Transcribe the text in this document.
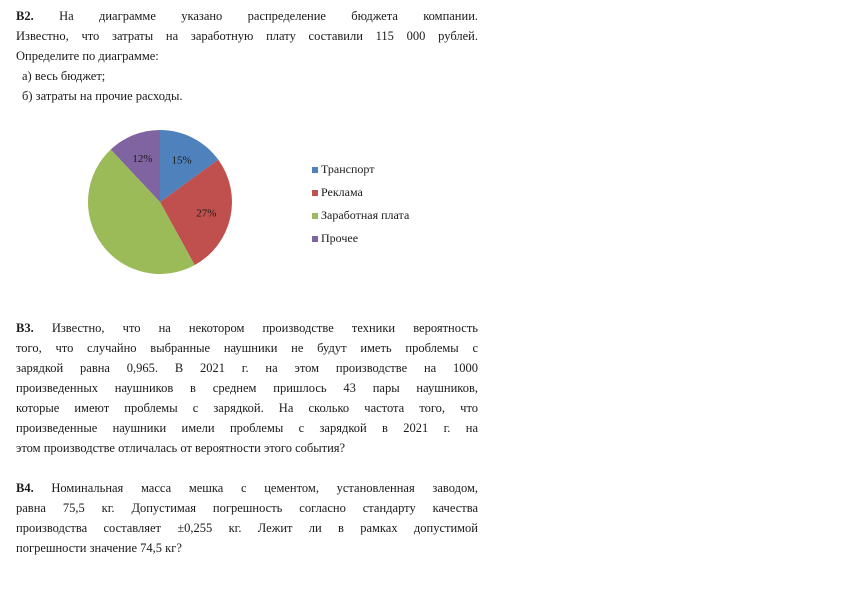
В2. На диаграмме указано распределение бюджета компании.
Известно, что затраты на заработную плату составили 115 000 рублей.
Определите по диаграмме:
а) весь бюджет;
б) затраты на прочие расходы.
15%
27%
12%
Транспорт
Реклама
Заработная плата
Прочее
В3. Известно, что на некотором производстве техники вероятность
того, что случайно выбранные наушники не будут иметь проблемы с
зарядкой равна 0,965. В 2021 г. на этом производстве на 1000
произведенных наушников в среднем пришлось 43 пары наушников,
которые имеют проблемы с зарядкой. На сколько частота того, что
произведенные наушники имели проблемы с зарядкой в 2021 г. на
этом производстве отличалась от вероятности этого события?
В4. Номинальная масса мешка с цементом, установленная заводом,
равна 75,5 кг. Допустимая погрешность согласно стандарту качества
производства составляет ±0,255 кг. Лежит ли в рамках допустимой
погрешности значение 74,5 кг?
